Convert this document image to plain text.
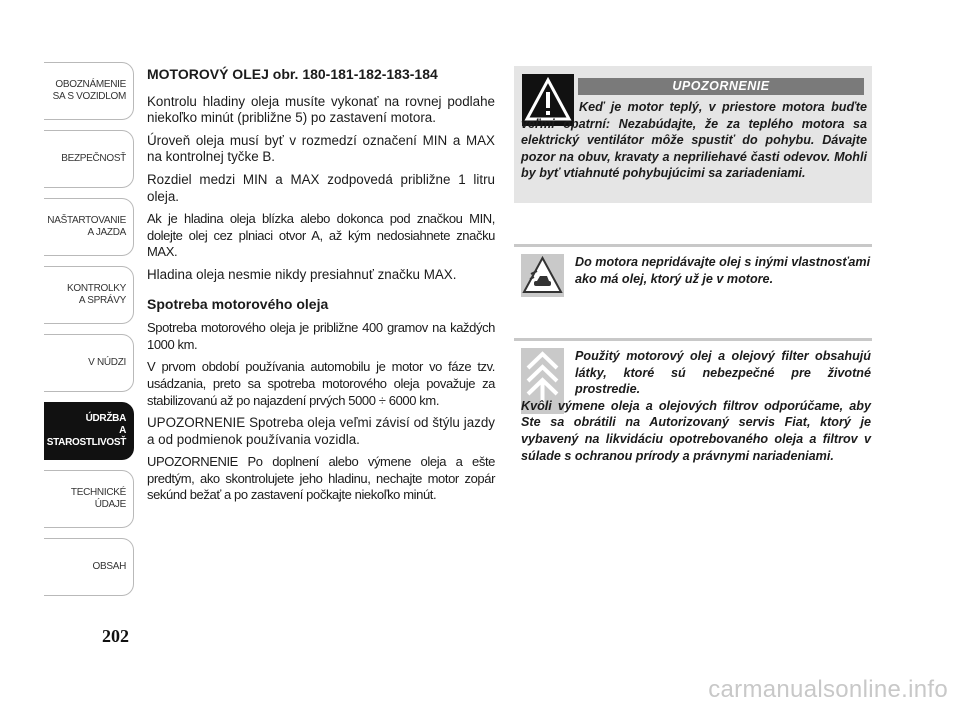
OBOZNÁMENIE
SA S VOZIDLOM
BEZPEČNOSŤ
NAŠTARTOVANIE
A JAZDA
KONTROLKY
A SPRÁVY
V NÚDZI
ÚDRŽBA
A STAROSTLIVOSŤ
TECHNICKÉ
ÚDAJE
OBSAH
202
MOTOROVÝ OLEJ obr. 180-181-182-183-184

Kontrolu hladiny oleja musíte vykonať na rovnej podlahe niekoľko minút (približne 5) po zastavení motora.

Úroveň oleja musí byť v rozmedzí označení MIN a MAX na kontrolnej tyčke B.

Rozdiel medzi MIN a MAX zodpovedá približne 1 litru oleja.

Ak je hladina oleja blízka alebo dokonca pod značkou MIN, dolejte olej cez plniaci otvor A, až kým nedosiahnete značku MAX.

Hladina oleja nesmie nikdy presiahnuť značku MAX.

Spotreba motorového oleja

Spotreba motorového oleja je približne 400 gramov na každých 1000 km.

V prvom období používania automobilu je motor vo fáze tzv. usádzania, preto sa spotreba motorového oleja považuje za stabilizovanú až po najazdení prvých 5000 ÷ 6000 km.

UPOZORNENIE Spotreba oleja veľmi závisí od štýlu jazdy a od podmienok používania vozidla.

UPOZORNENIE Po doplnení alebo výmene oleja a ešte predtým, ako skontrolujete jeho hladinu, nechajte motor zopár sekúnd bežať a po zastavení počkajte niekoľko minút.

UPOZORNENIE
Keď je motor teplý, v priestore motora buďte veľmi opatrní: Nezabúdajte, že za teplého motora sa elektrický ventilátor môže spustiť do pohybu. Dávajte pozor na obuv, kravaty a nepriliehavé časti odevov. Mohli by byť vtiahnuté pohybujúcimi sa zariadeniami.
Do motora nepridávajte olej s inými vlastnosťami ako má olej, ktorý už je v motore.
Použitý motorový olej a olejový filter obsahujú látky, ktoré sú nebezpečné pre životné prostredie.
Kvôli výmene oleja a olejových filtrov odporúčame, aby Ste sa obrátili na Autorizovaný servis Fiat, ktorý je vybavený na likvidáciu opotrebovaného oleja a filtrov v súlade s ochranou prírody a právnymi nariadeniami.
carmanualsonline.info
